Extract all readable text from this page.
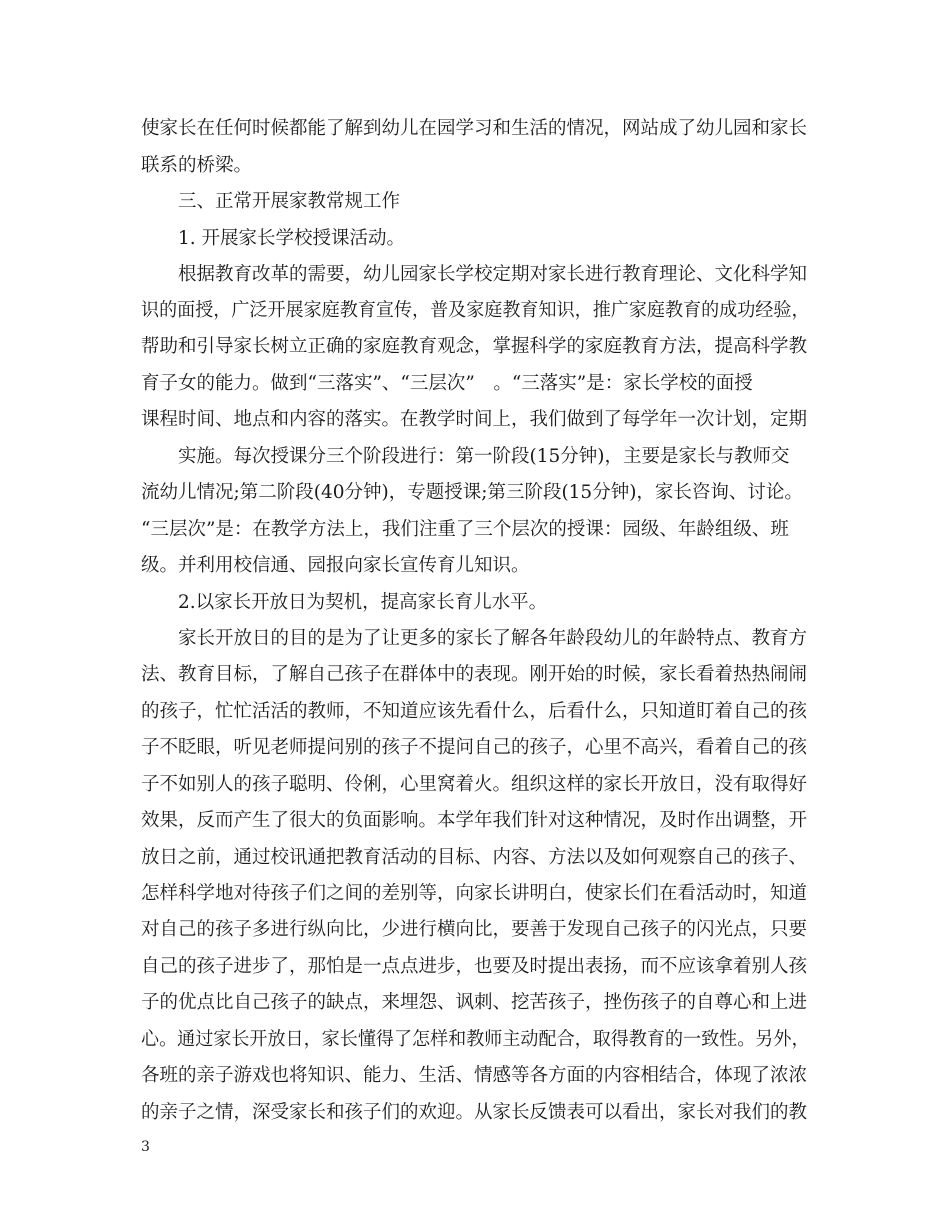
使家长在任何时候都能了解到幼儿在园学习和生活的情况，网站成了幼儿园和家长
联系的桥梁。
三、正常开展家教常规工作
1. 开展家长学校授课活动。
根据教育改革的需要，幼儿园家长学校定期对家长进行教育理论、文化科学知
识的面授，广泛开展家庭教育宣传，普及家庭教育知识，推广家庭教育的成功经验，
帮助和引导家长树立正确的家庭教育观念，掌握科学的家庭教育方法，提高科学教
育子女的能力。做到“三落实”、“三层次”　。“三落实”是：家长学校的面授
课程时间、地点和内容的落实。在教学时间上，我们做到了每学年一次计划，定期
实施。每次授课分三个阶段进行：第一阶段(15分钟)，主要是家长与教师交
流幼儿情况;第二阶段(40分钟)，专题授课;第三阶段(15分钟)，家长咨询、讨论。
“三层次”是：在教学方法上，我们注重了三个层次的授课：园级、年龄组级、班
级。并利用校信通、园报向家长宣传育儿知识。
2.以家长开放日为契机，提高家长育儿水平。
家长开放日的目的是为了让更多的家长了解各年龄段幼儿的年龄特点、教育方
法、教育目标，了解自己孩子在群体中的表现。刚开始的时候，家长看着热热闹闹
的孩子，忙忙活活的教师，不知道应该先看什么，后看什么，只知道盯着自己的孩
子不眨眼，听见老师提问别的孩子不提问自己的孩子，心里不高兴，看着自己的孩
子不如别人的孩子聪明、伶俐，心里窝着火。组织这样的家长开放日，没有取得好
效果，反而产生了很大的负面影响。本学年我们针对这种情况，及时作出调整，开
放日之前，通过校讯通把教育活动的目标、内容、方法以及如何观察自己的孩子、
怎样科学地对待孩子们之间的差别等，向家长讲明白，使家长们在看活动时，知道
对自己的孩子多进行纵向比，少进行横向比，要善于发现自己孩子的闪光点，只要
自己的孩子进步了，那怕是一点点进步，也要及时提出表扬，而不应该拿着别人孩
子的优点比自己孩子的缺点，来埋怨、讽刺、挖苦孩子，挫伤孩子的自尊心和上进
心。通过家长开放日，家长懂得了怎样和教师主动配合，取得教育的一致性。另外，
各班的亲子游戏也将知识、能力、生活、情感等各方面的内容相结合，体现了浓浓
的亲子之情，深受家长和孩子们的欢迎。从家长反馈表可以看出，家长对我们的教
3
